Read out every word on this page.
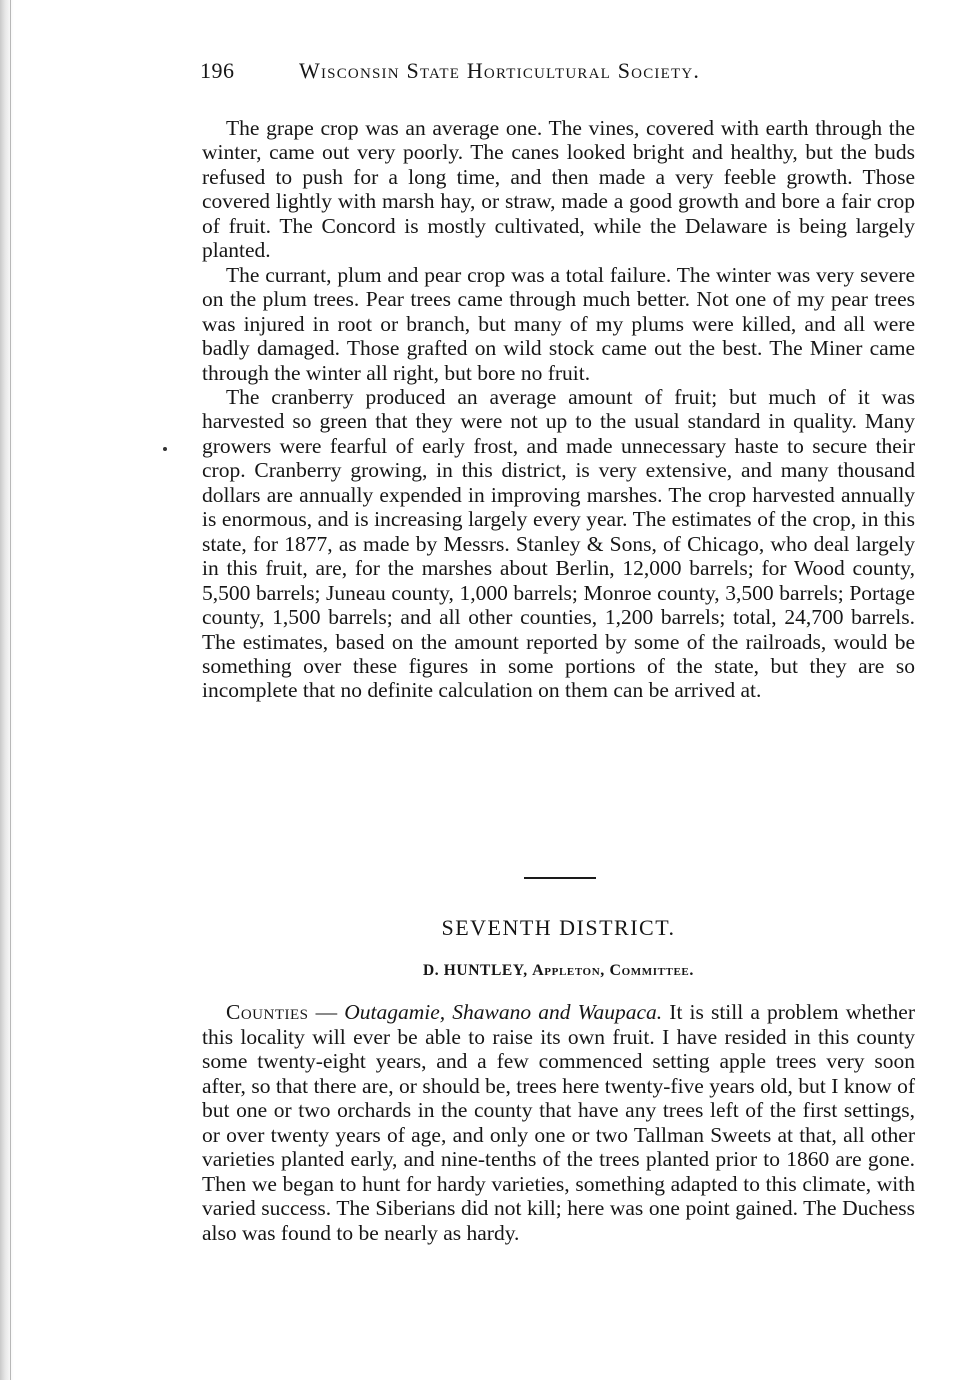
196	Wisconsin State Horticultural Society.

The grape crop was an average one. The vines, covered with earth through the winter, came out very poorly. The canes looked bright and healthy, but the buds refused to push for a long time, and then made a very feeble growth. Those covered lightly with marsh hay, or straw, made a good growth and bore a fair crop of fruit. The Concord is mostly cultivated, while the Delaware is being largely planted.

The currant, plum and pear crop was a total failure. The winter was very severe on the plum trees. Pear trees came through much better. Not one of my pear trees was injured in root or branch, but many of my plums were killed, and all were badly damaged. Those grafted on wild stock came out the best. The Miner came through the winter all right, but bore no fruit.

The cranberry produced an average amount of fruit; but much of it was harvested so green that they were not up to the usual standard in quality. Many growers were fearful of early frost, and made unnecessary haste to secure their crop. Cranberry growing, in this district, is very extensive, and many thousand dollars are annually expended in improving marshes. The crop harvested annually is enormous, and is increasing largely every year. The estimates of the crop, in this state, for 1877, as made by Messrs. Stanley & Sons, of Chicago, who deal largely in this fruit, are, for the marshes about Berlin, 12,000 barrels; for Wood county, 5,500 barrels; Juneau county, 1,000 barrels; Monroe county, 3,500 barrels; Portage county, 1,500 barrels; and all other counties, 1,200 barrels; total, 24,700 barrels. The estimates, based on the amount reported by some of the railroads, would be something over these figures in some portions of the state, but they are so incomplete that no definite calculation on them can be arrived at.

SEVENTH DISTRICT.
D. HUNTLEY, Appleton, Committee.

Counties — Outagamie, Shawano and Waupaca. It is still a problem whether this locality will ever be able to raise its own fruit. I have resided in this county some twenty-eight years, and a few commenced setting apple trees very soon after, so that there are, or should be, trees here twenty-five years old, but I know of but one or two orchards in the county that have any trees left of the first settings, or over twenty years of age, and only one or two Tallman Sweets at that, all other varieties planted early, and nine-tenths of the trees planted prior to 1860 are gone. Then we began to hunt for hardy varieties, something adapted to this climate, with varied success. The Siberians did not kill; here was one point gained. The Duchess also was found to be nearly as hardy.
